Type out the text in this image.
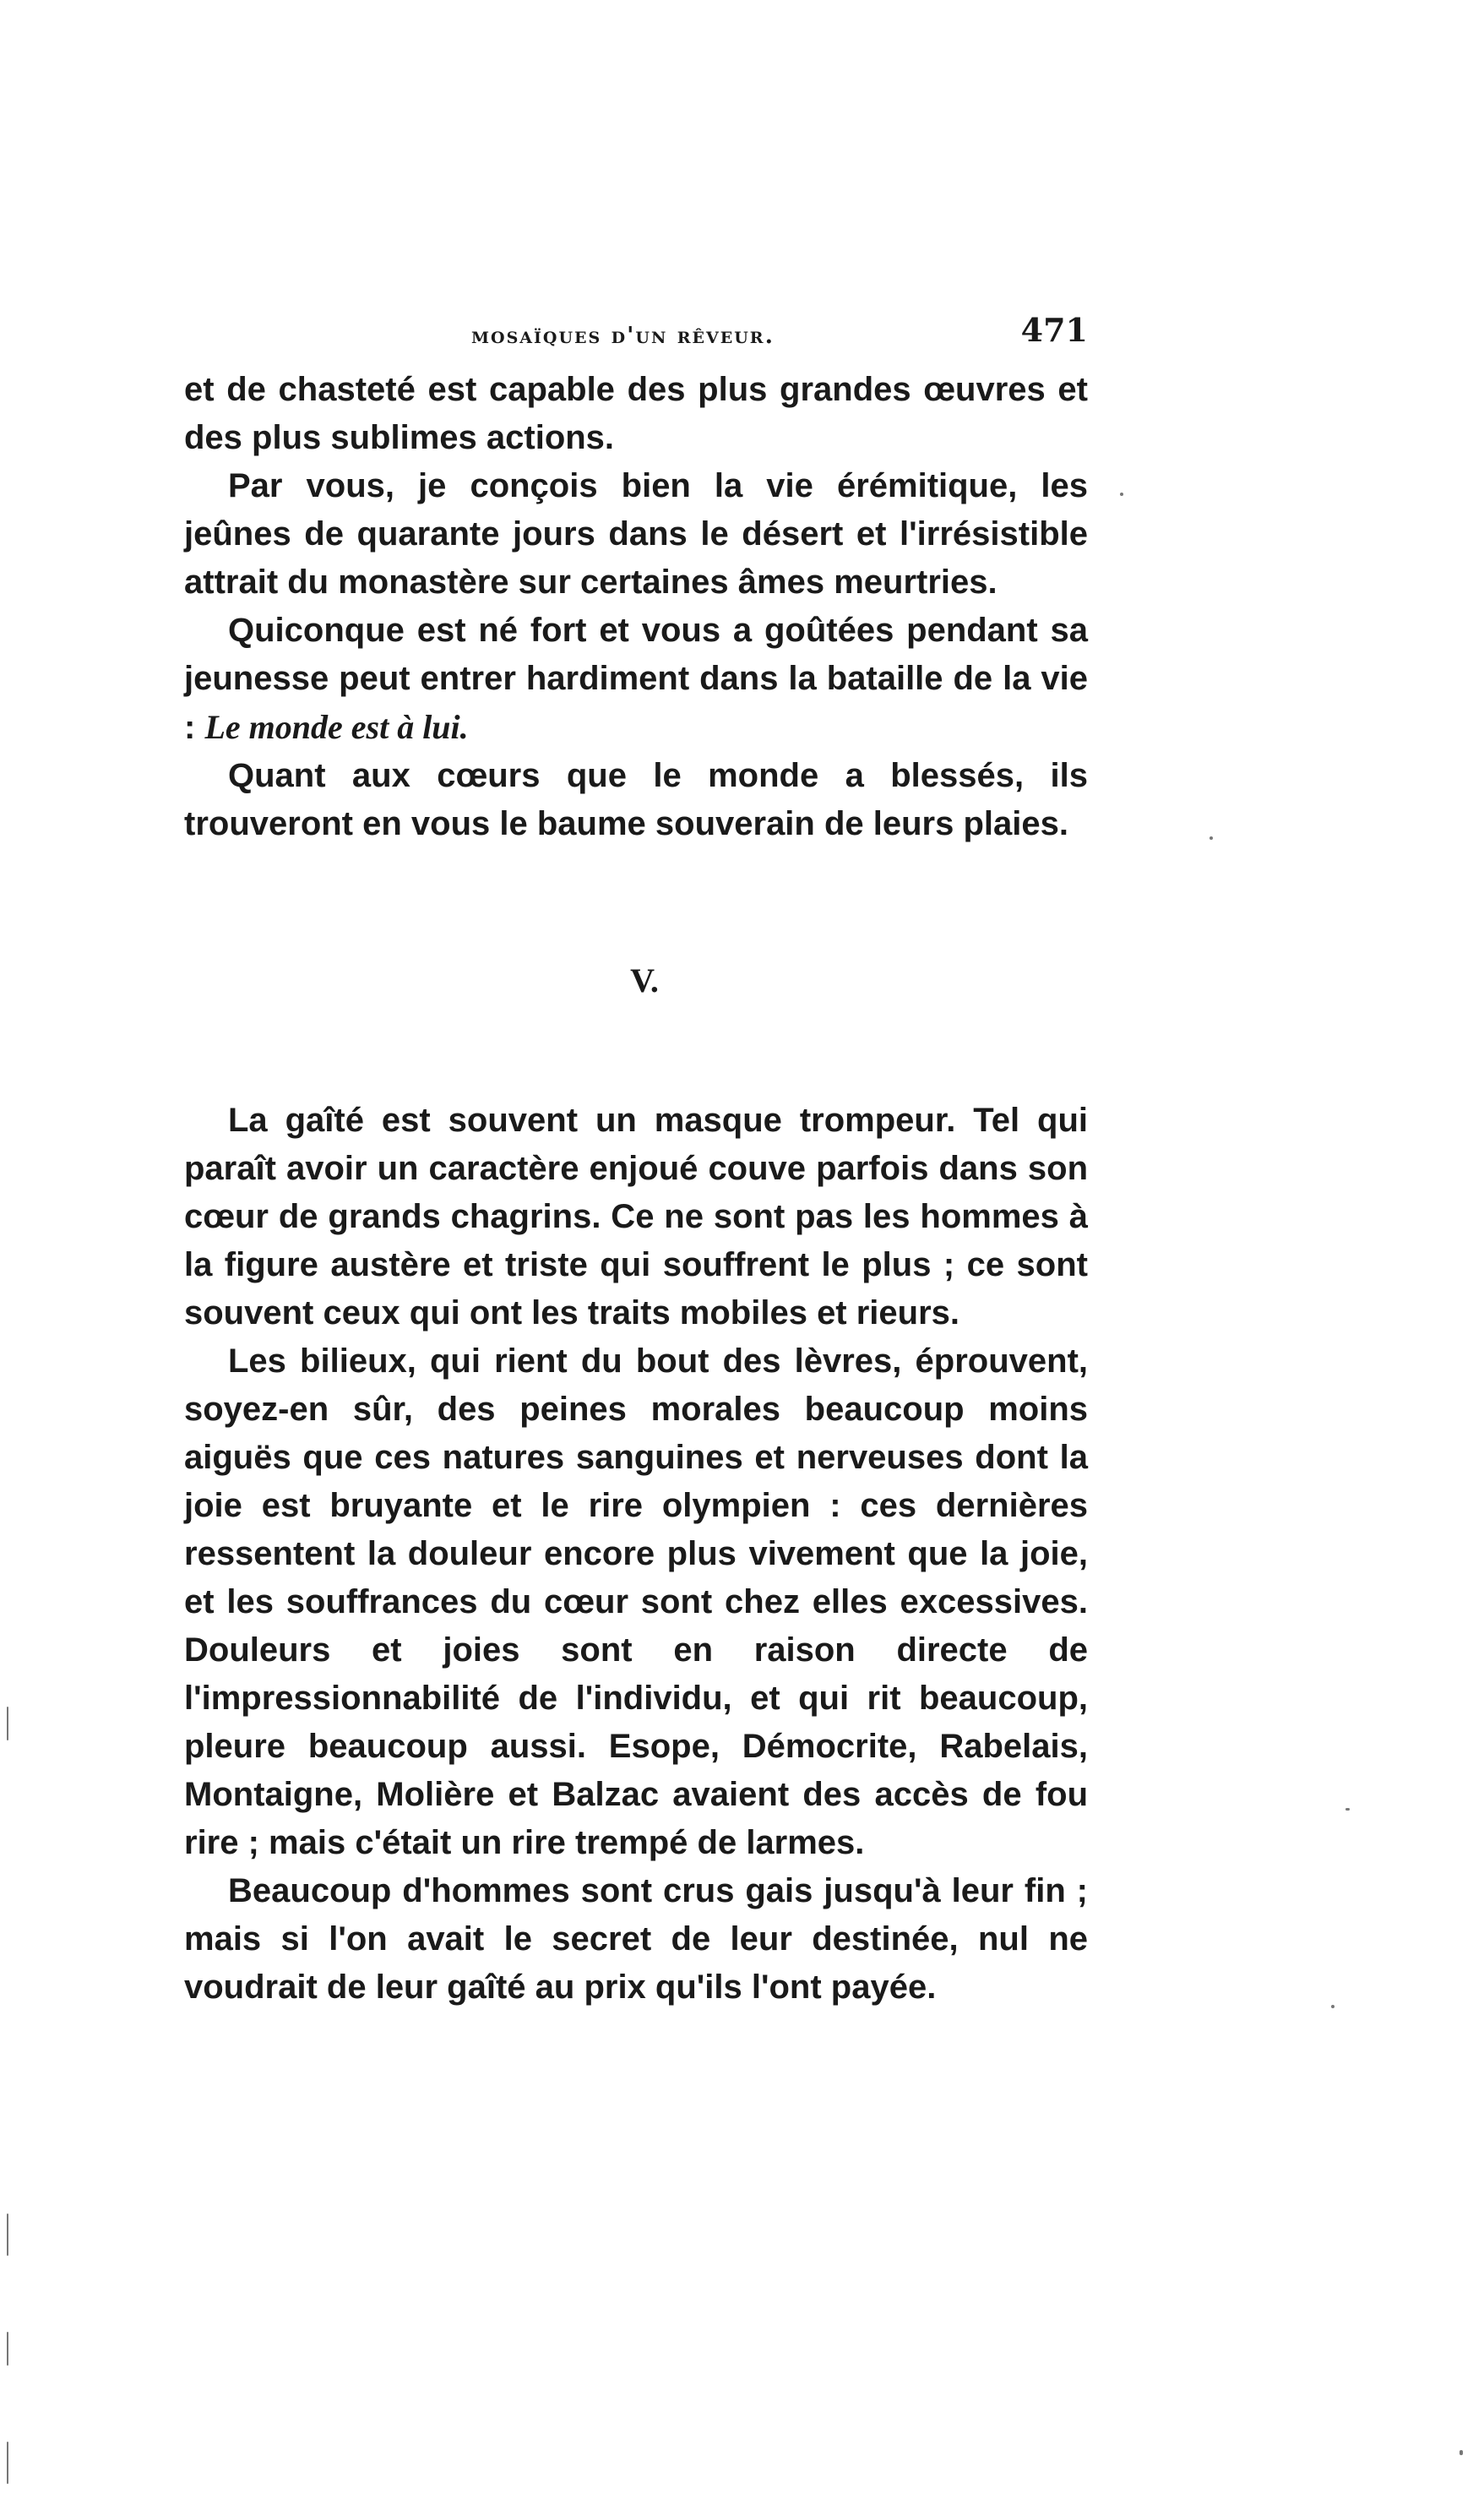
mosaïques d'un rêveur.	471

et de chasteté est capable des plus grandes œuvres et des plus sublimes actions.

Par vous, je conçois bien la vie érémitique, les jeûnes de quarante jours dans le désert et l'irrésistible attrait du monastère sur certaines âmes meurtries.

Quiconque est né fort et vous a goûtées pendant sa jeunesse peut entrer hardiment dans la bataille de la vie : Le monde est à lui.

Quant aux cœurs que le monde a blessés, ils trouveront en vous le baume souverain de leurs plaies.

V.

La gaîté est souvent un masque trompeur. Tel qui paraît avoir un caractère enjoué couve parfois dans son cœur de grands chagrins. Ce ne sont pas les hommes à la figure austère et triste qui souffrent le plus ; ce sont souvent ceux qui ont les traits mobiles et rieurs.

Les bilieux, qui rient du bout des lèvres, éprouvent, soyez-en sûr, des peines morales beaucoup moins aiguës que ces natures sanguines et nerveuses dont la joie est bruyante et le rire olympien : ces dernières ressentent la douleur encore plus vivement que la joie, et les souffrances du cœur sont chez elles excessives. Douleurs et joies sont en raison directe de l'impressionnabilité de l'individu, et qui rit beaucoup, pleure beaucoup aussi. Esope, Démocrite, Rabelais, Montaigne, Molière et Balzac avaient des accès de fou rire ; mais c'était un rire trempé de larmes.

Beaucoup d'hommes sont crus gais jusqu'à leur fin ; mais si l'on avait le secret de leur destinée, nul ne voudrait de leur gaîté au prix qu'ils l'ont payée.
